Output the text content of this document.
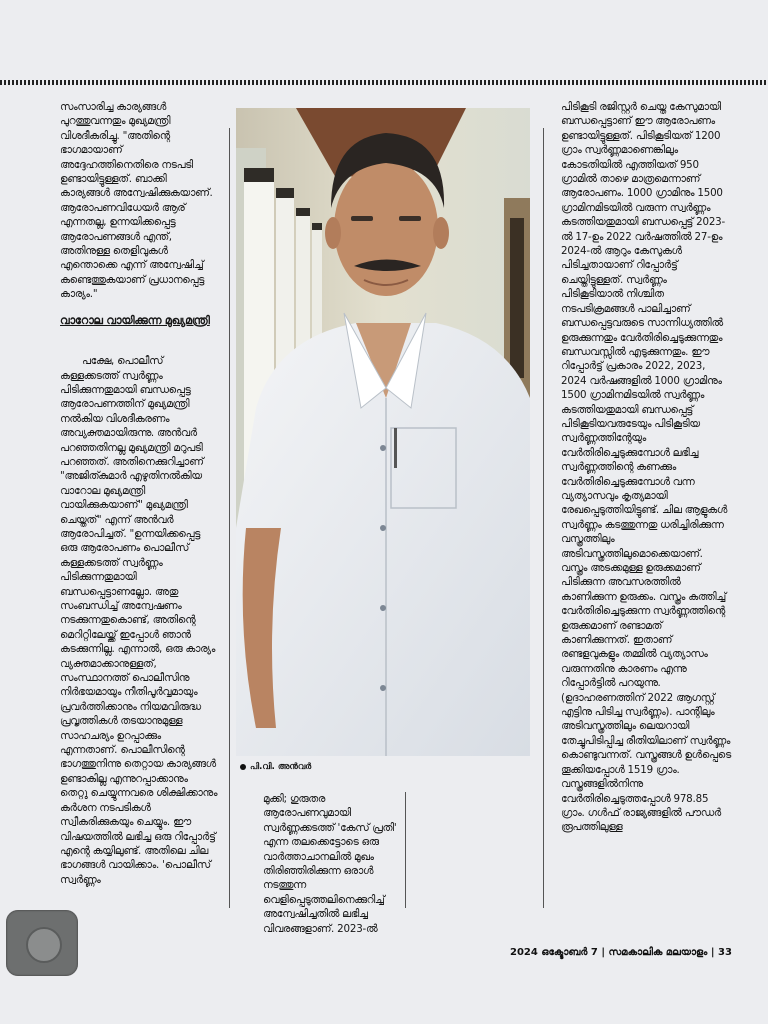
സംസാരിച്ച കാര്യങ്ങൾ പുറത്തുവന്നതും മുഖ്യമന്ത്രി വിശദീകരിച്ചു. "അതിന്റെ ഭാഗമായാണ് അദ്ദേഹത്തിനെതിരെ നടപടി ഉണ്ടായിട്ടുള്ളത്. ബാക്കി കാര്യങ്ങൾ അന്വേഷിക്കുകയാണ്. ആരോപണവിധേയർ ആര് എന്നതല്ല, ഉന്നയിക്കപ്പെട്ട ആരോപണങ്ങൾ എന്ത്, അതിനുള്ള തെളിവുകൾ എന്തൊക്കെ എന്ന് അന്വേഷിച്ച് കണ്ടെത്തുകയാണ് പ്രധാനപ്പെട്ട കാര്യം."

വാറോല വായിക്കുന്ന മുഖ്യമന്ത്രി

പക്ഷേ, പൊലീസ് കള്ളക്കടത്ത് സ്വർണ്ണം പിടിക്കുന്നതുമായി ബന്ധപ്പെട്ട ആരോപണത്തിന് മുഖ്യമന്ത്രി നൽകിയ വിശദീകരണം അവ്യക്തമായിരുന്നു. അൻവർ പറഞ്ഞതിനല്ല മുഖ്യമന്ത്രി മറുപടി പറഞ്ഞത്. അതിനെക്കുറിച്ചാണ് "അജിത്കുമാർ എഴുതിനൽകിയ വാറോല മുഖ്യമന്ത്രി വായിക്കുകയാണ്" മുഖ്യമന്ത്രി ചെയ്തത്" എന്ന് അൻവർ ആരോപിച്ചത്. "ഉന്നയിക്കപ്പെട്ട ഒരു ആരോപണം പൊലീസ് കള്ളക്കടത്ത് സ്വർണ്ണം പിടിക്കുന്നതുമായി ബന്ധപ്പെട്ടാണല്ലോ. അതു സംബന്ധിച്ച് അന്വേഷണം നടക്കുന്നതുകൊണ്ട്, അതിന്റെ മെറിറ്റിലേയ്ക്ക് ഇപ്പോൾ ഞാൻ കടക്കുന്നില്ല. എന്നാൽ, ഒരു കാര്യം വ്യക്തമാക്കാനുള്ളത്, സംസ്ഥാനത്ത് പൊലീസിനു നിർഭയമായും നീതിപൂർവ്വമായും പ്രവർത്തിക്കാനും നിയമവിരുദ്ധ പ്രവൃത്തികൾ തടയാനുമുള്ള സാഹചര്യം ഉറപ്പാക്കും എന്നതാണ്. പൊലീസിന്റെ ഭാഗത്തുനിന്നു തെറ്റായ കാര്യങ്ങൾ ഉണ്ടാകില്ല എന്നുറപ്പാക്കാനും തെറ്റു ചെയ്യുന്നവരെ ശിക്ഷിക്കാനും കർശന നടപടികൾ സ്വീകരിക്കുകയും ചെയ്യും. ഈ വിഷയത്തിൽ ലഭിച്ച ഒരു റിപ്പോർട്ട് എന്റെ കയ്യിലുണ്ട്. അതിലെ ചില ഭാഗങ്ങൾ വായിക്കാം. 'പൊലീസ് സ്വർണ്ണം

പി.വി. അൻവർ

മുക്കി; ഗുരുതര ആരോപണവുമായി സ്വർണ്ണക്കടത്ത് 'കേസ് പ്രതി' എന്ന തലക്കെട്ടോടെ ഒരു വാർത്താചാനലിൽ മുഖം തിരിഞ്ഞിരിക്കുന്ന ഒരാൾ നടത്തുന്ന വെളിപ്പെടുത്തലിനെക്കുറിച്ച് അന്വേഷിച്ചതിൽ ലഭിച്ച വിവരങ്ങളാണ്. 2023-ൽ

പിടികൂടി രജിസ്റ്റർ ചെയ്ത കേസുമായി ബന്ധപ്പെട്ടാണ് ഈ ആരോപണം ഉണ്ടായിട്ടുള്ളത്. പിടികൂടിയത് 1200 ഗ്രാം സ്വർണ്ണമാണെങ്കിലും കോടതിയിൽ എത്തിയത് 950 ഗ്രാമിൽ താഴെ മാത്രമെന്നാണ് ആരോപണം. 1000 ഗ്രാമിനും 1500 ഗ്രാമിനമിടയിൽ വരുന്ന സ്വർണ്ണം കടത്തിയതുമായി ബന്ധപ്പെട്ട് 2023-ൽ 17-ഉം 2022 വർഷത്തിൽ 27-ഉം 2024-ൽ ആറും കേസുകൾ പിടിച്ചതായാണ് റിപ്പോർട്ട് ചെയ്തിട്ടുള്ളത്. സ്വർണ്ണം പിടികൂടിയാൽ നിശ്ചിത നടപടിക്രമങ്ങൾ പാലിച്ചാണ് ബന്ധപ്പെട്ടവരുടെ സാന്നിധ്യത്തിൽ ഉരുക്കുന്നതും വേർതിരിച്ചെടുക്കുന്നതും ബന്ധവസ്സിൽ എടുക്കുന്നതും. ഈ റിപ്പോർട്ട് പ്രകാരം 2022, 2023, 2024 വർഷങ്ങളിൽ 1000 ഗ്രാമിനും 1500 ഗ്രാമിനമിടയിൽ സ്വർണ്ണം കടത്തിയതുമായി ബന്ധപ്പെട്ട് പിടികൂടിയവരുടേയും പിടികൂടിയ സ്വർണ്ണത്തിന്റേയും വേർതിരിച്ചെടുക്കുമ്പോൾ ലഭിച്ച സ്വർണ്ണത്തിന്റെ കണക്കും വേർതിരിച്ചെടുക്കുമ്പോൾ വന്ന വ്യത്യാസവും കൃത്യമായി രേഖപ്പെടുത്തിയിട്ടുണ്ട്. ചില ആളുകൾ സ്വർണ്ണം കടത്തുന്നതു ധരിച്ചിരിക്കുന്ന വസ്ത്രത്തിലും അടിവസ്ത്രത്തിലുമൊക്കെയാണ്. വസ്ത്രം അടക്കമുള്ള ഉരുക്കമാണ് പിടിക്കുന്ന അവസരത്തിൽ കാണിക്കുന്ന ഉരുക്കം. വസ്ത്രം കത്തിച്ച് വേർതിരിച്ചെടുക്കുന്ന സ്വർണ്ണത്തിന്റെ ഉരുക്കമാണ് രണ്ടാമത് കാണിക്കുന്നത്. ഇതാണ് രണ്ടളവുകളും തമ്മിൽ വ്യത്യാസം വരുന്നതിനു കാരണം എന്നു റിപ്പോർട്ടിൽ പറയുന്നു. (ഉദാഹരണത്തിന് 2022 ആഗസ്റ്റ് എട്ടിനു പിടിച്ച സ്വർണ്ണം). പാന്റിലും അടിവസ്ത്രത്തിലും ലെയറായി തേച്ചുപിടിപ്പിച്ച രീതിയിലാണ് സ്വർണ്ണം കൊണ്ടുവന്നത്. വസ്ത്രങ്ങൾ ഉൾപ്പെടെ തൂക്കിയപ്പോൾ 1519 ഗ്രാം. വസ്ത്രങ്ങളിൽനിന്നു വേർതിരിച്ചെടുത്തപ്പോൾ 978.85 ഗ്രാം. ഗൾഫ് രാജ്യങ്ങളിൽ പൗഡർ രൂപത്തിലുള്ള

2024 ഒക്ടോബർ 7 | സമകാലിക മലയാളം | 33
